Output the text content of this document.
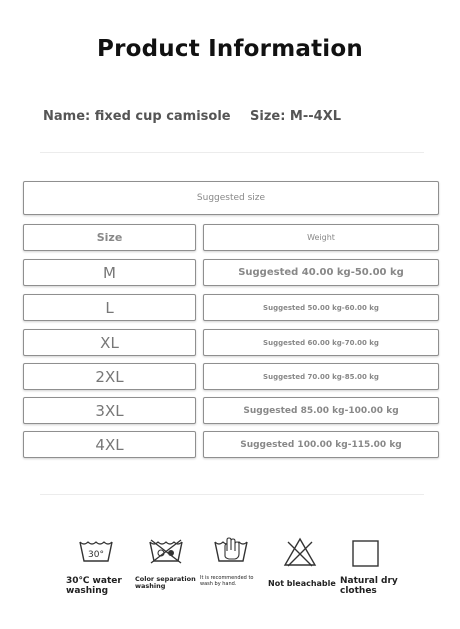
Product Information
Name: fixed cup camisole Size: M--4XL
Suggested size
Size	Weight
M	Suggested 40.00 kg-50.00 kg
L	Suggested 50.00 kg-60.00 kg
XL	Suggested 60.00 kg-70.00 kg
2XL	Suggested 70.00 kg-85.00 kg
3XL	Suggested 85.00 kg-100.00 kg
4XL	Suggested 100.00 kg-115.00 kg
30°
30℃ water washing
Color separation washing
It is recommended to wash by hand.	Not bleachable Natural dry clothes
